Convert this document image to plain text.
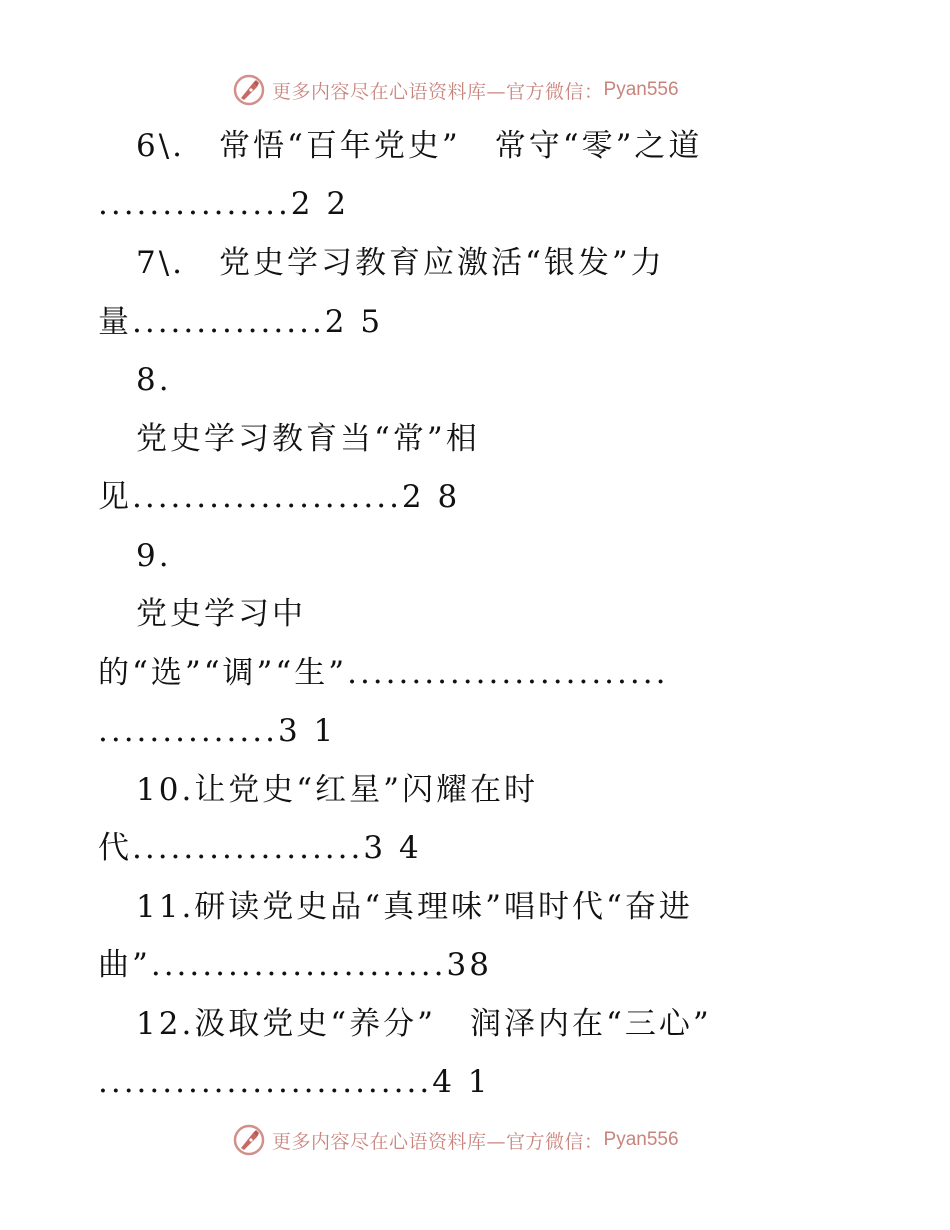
更多内容尽在心语资料库—官方微信： Pyan556
6\.　常悟“百年党史”　常守“零”之道
...............2 2
7\.　党史学习教育应激活“银发”力
量...............2 5
8.
党史学习教育当“常”相
见.....................2 8
9.
党史学习中
的“选”“调”“生”.........................
..............3 1
10.让党史“红星”闪耀在时
代..................3 4
11.研读党史品“真理味”唱时代“奋进
曲”.......................38
12.汲取党史“养分”　润泽内在“三心”
..........................4 1
更多内容尽在心语资料库—官方微信： Pyan556
